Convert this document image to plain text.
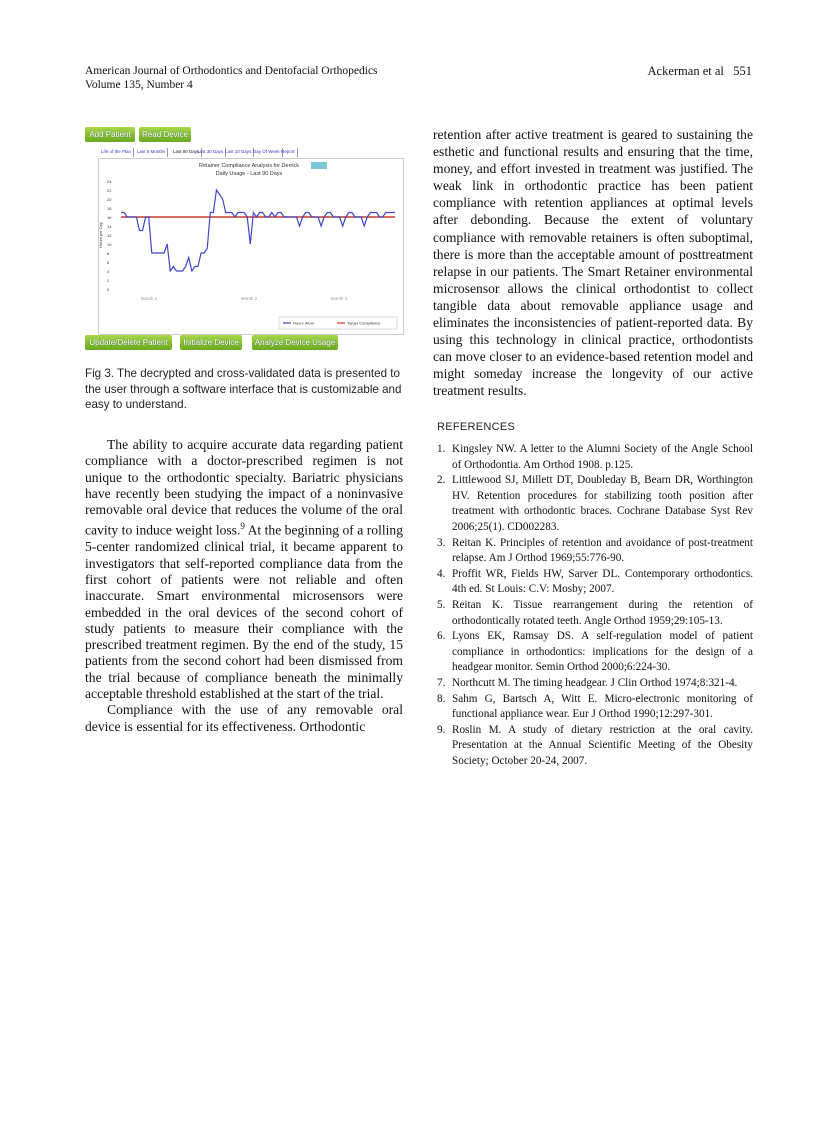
American Journal of Orthodontics and Dentofacial Orthopedics
Volume 135, Number 4
Ackerman et al 551
Add Patient	Read Device
Life of the Plan	Last 6 Months	Last 90 Days
Last 30 Days Last 10 Days Day Of Week Report
Retainer Compliance Analysis for Derrick
Daily Usage - Last 90 Days
0
2
4
6
8
10
12
14
16
18
20
22
24
Hours per Day
Month 1	Month 2	Month 3
Hours Worn	Target Compliance
Update/Delete Patient	Initialize Device	Analyze Device Usage
Fig 3. The decrypted and cross-validated data is presented to the user through a software interface that is customizable and easy to understand.

The ability to acquire accurate data regarding patient compliance with a doctor-prescribed regimen is not unique to the orthodontic specialty. Bariatric physicians have recently been studying the impact of a noninvasive removable oral device that reduces the volume of the oral cavity to induce weight loss.$^9$ At the beginning of a rolling 5-center randomized clinical trial, it became apparent to investigators that self-reported compliance data from the first cohort of patients were not reliable and often inaccurate. Smart environmental microsensors were embedded in the oral devices of the second cohort of study patients to measure their compliance with the prescribed treatment regimen. By the end of the study, 15 patients from the second cohort had been dismissed from the trial because of compliance beneath the minimally acceptable threshold established at the start of the trial.

Compliance with the use of any removable oral device is essential for its effectiveness. Orthodontic

retention after active treatment is geared to sustaining the esthetic and functional results and ensuring that the time, money, and effort invested in treatment was justified. The weak link in orthodontic practice has been patient compliance with retention appliances at optimal levels after debonding. Because the extent of voluntary compliance with removable retainers is often suboptimal, there is more than the acceptable amount of posttreatment relapse in our patients. The Smart Retainer environmental microsensor allows the clinical orthodontist to collect tangible data about removable appliance usage and eliminates the inconsistencies of patient-reported data. By using this technology in clinical practice, orthodontists can move closer to an evidence-based retention model and might someday increase the longevity of our active treatment results.

REFERENCES
1. Kingsley NW. A letter to the Alumni Society of the Angle School of Orthodontia. Am Orthod 1908. p.125.
2. Littlewood SJ, Millett DT, Doubleday B, Bearn DR, Worthington HV. Retention procedures for stabilizing tooth position after treatment with orthodontic braces. Cochrane Database Syst Rev 2006;25(1). CD002283.
3. Reitan K. Principles of retention and avoidance of post-treatment relapse. Am J Orthod 1969;55:776-90.
4. Proffit WR, Fields HW, Sarver DL. Contemporary orthodontics. 4th ed. St Louis: C.V: Mosby; 2007.
5. Reitan K. Tissue rearrangement during the retention of orthodontically rotated teeth. Angle Orthod 1959;29:105-13.
6. Lyons EK, Ramsay DS. A self-regulation model of patient compliance in orthodontics: implications for the design of a headgear monitor. Semin Orthod 2000;6:224-30.
7. Northcutt M. The timing headgear. J Clin Orthod 1974;8:321-4.
8. Sahm G, Bartsch A, Witt E. Micro-electronic monitoring of functional appliance wear. Eur J Orthod 1990;12:297-301.
9. Roslin M. A study of dietary restriction at the oral cavity. Presentation at the Annual Scientific Meeting of the Obesity Society; October 20-24, 2007.
